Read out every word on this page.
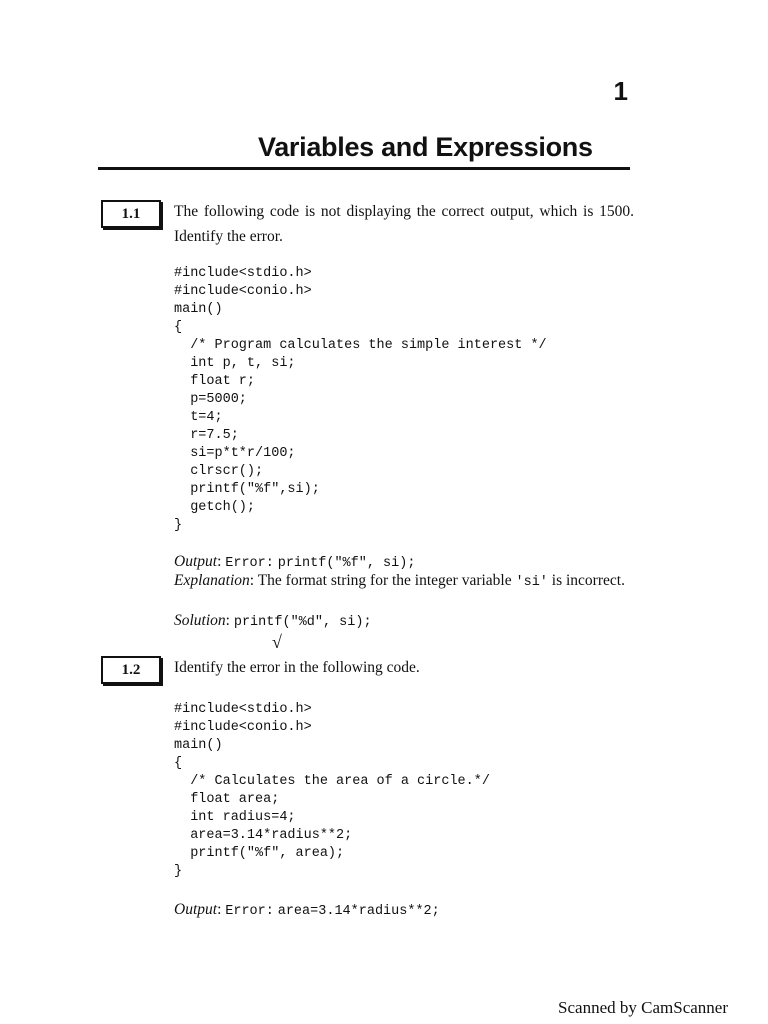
1
Variables and Expressions
1.1	The following code is not displaying the correct output, which is 1500. Identify the error.
#include<stdio.h>
#include<conio.h>
main()
{
/* Program calculates the simple interest */
int p, t, si;
float r;
p=5000;
t=4;
r=7.5;
si=p*t*r/100;
clrscr();
printf("%f",si);
getch();
}
Output: Error: printf("%f", si);
Explanation: The format string for the integer variable 'si' is incorrect.
Solution: printf("%d", si);
√
1.2	Identify the error in the following code.
#include<stdio.h>
#include<conio.h>
main()
{
/* Calculates the area of a circle.*/
float area;
int radius=4;
area=3.14*radius**2;
printf("%f", area);
}
Output: Error: area=3.14*radius**2;
Scanned by CamScanner
